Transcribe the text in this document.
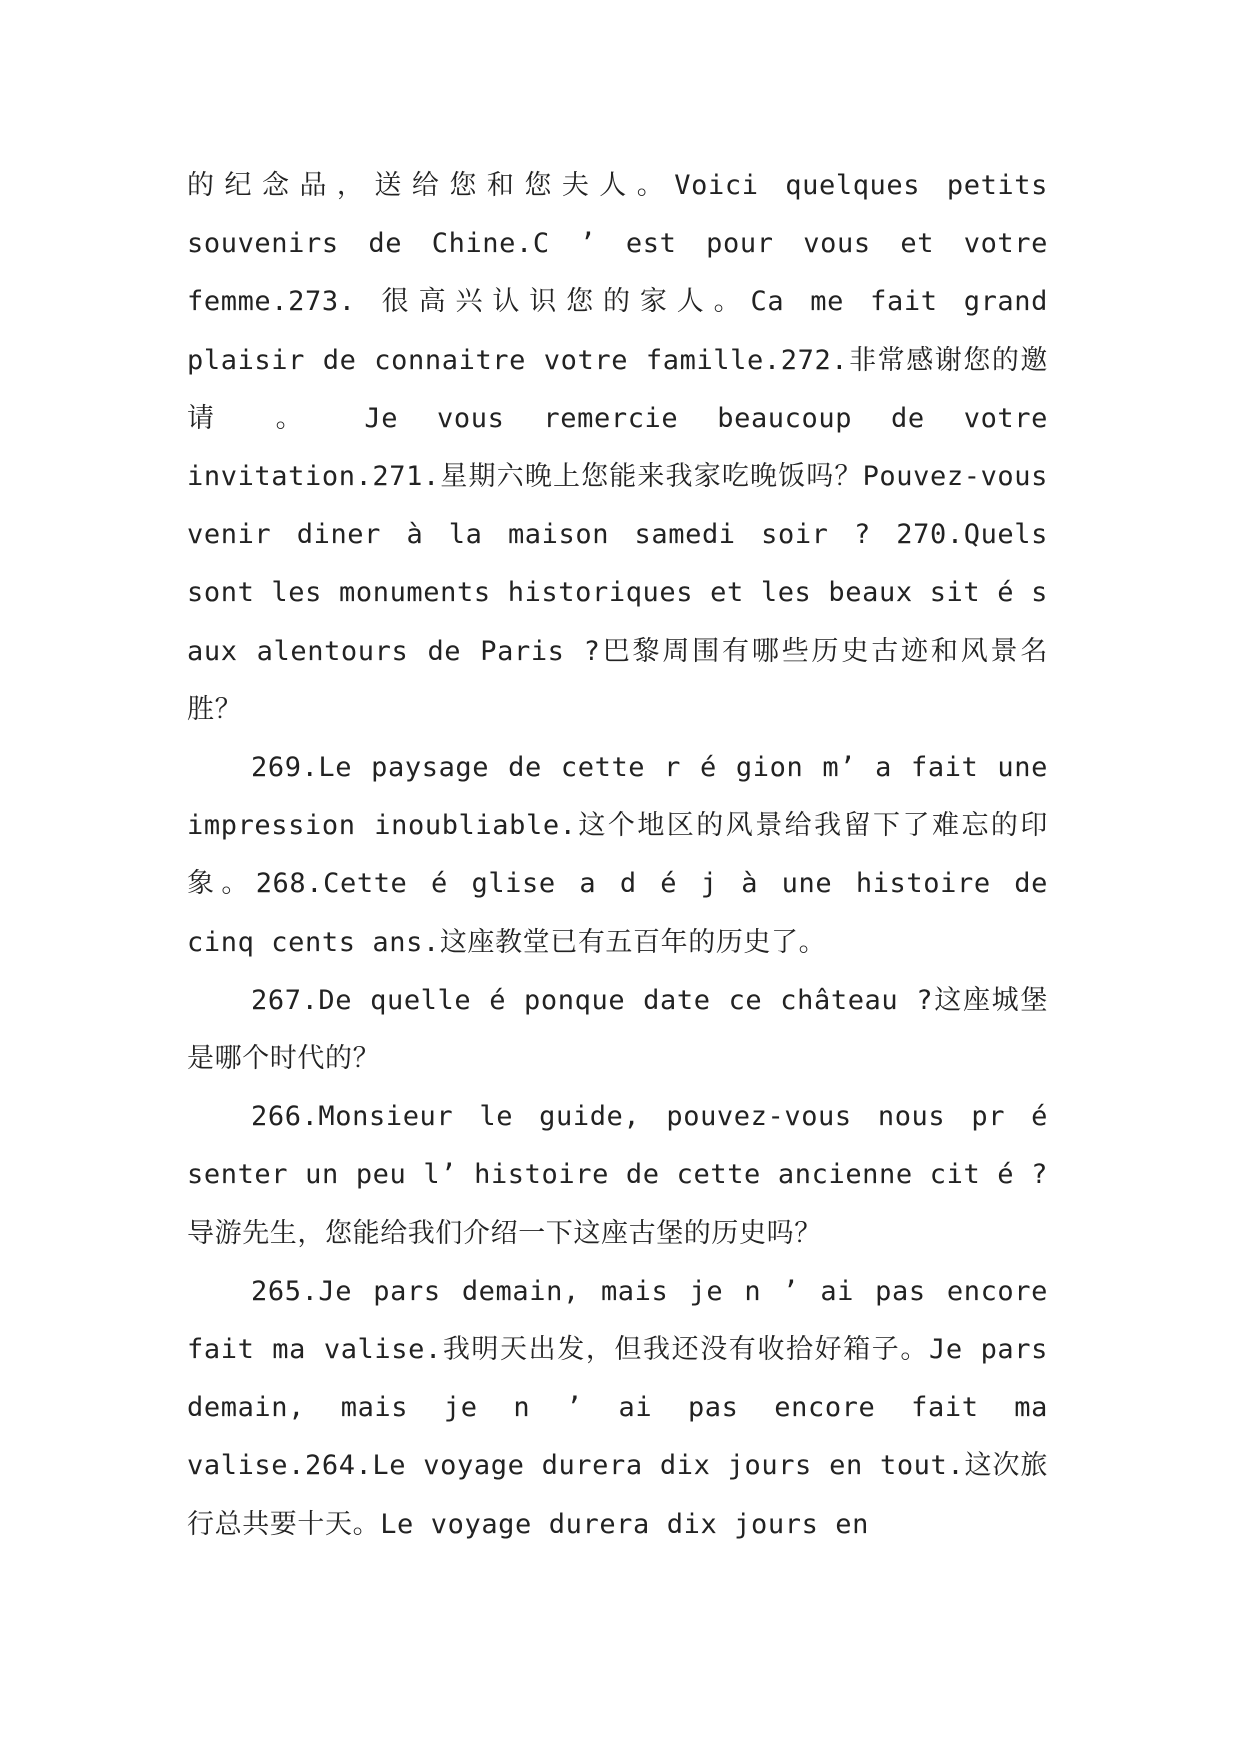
的纪念品，送给您和您夫人。Voici quelques petits souvenirs de Chine.C ’ est pour vous et votre femme.273. 很高兴认识您的家人。Ca me fait grand plaisir de connaitre votre famille.272.非常感谢您的邀 请 。 Je vous remercie beaucoup de votre invitation.271.星期六晚上您能来我家吃晚饭吗？Pouvez-vous venir diner à la maison samedi soir ? 270.Quels sont les monuments historiques et les beaux sit é s aux alentours de Paris ?巴黎周围有哪些历史古迹和风景名胜？

269.Le paysage de cette r é gion m’ a fait une impression inoubliable.这个地区的风景给我留下了难忘的印象。268.Cette é glise a d é j à une histoire de cinq cents ans.这座教堂已有五百年的历史了。

267.De quelle é ponque date ce château ?这座城堡是哪个时代的？

266.Monsieur le guide, pouvez-vous nous pr é senter un peu l’ histoire de cette ancienne cit é ? 导游先生，您能给我们介绍一下这座古堡的历史吗？

265.Je pars demain, mais je n ’ ai pas encore fait ma valise.我明天出发，但我还没有收拾好箱子。Je pars demain, mais je n ’ ai pas encore fait ma valise.264.Le voyage durera dix jours en tout.这次旅行总共要十天。Le voyage durera dix jours en
